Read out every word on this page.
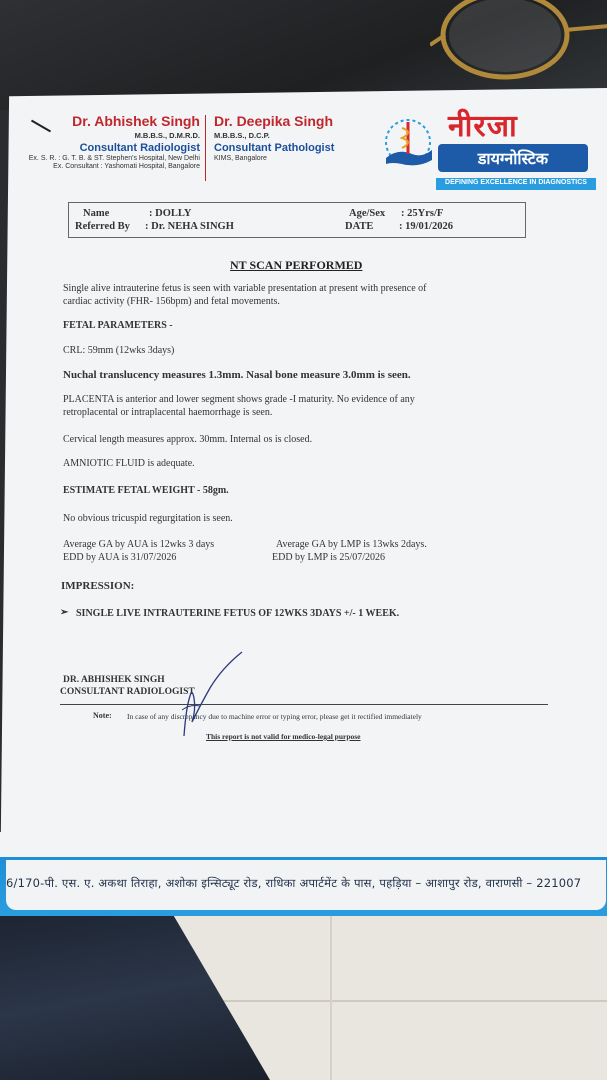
6/170-पी. एस. ए. अकथा तिराहा, अशोका इन्सिट्यूट रोड, राधिका अपार्टमेंट के पास, पहड़िया – आशापुर रोड, वाराणसी – 221007
Dr. Abhishek Singh
M.B.B.S., D.M.R.D.
Consultant Radiologist
Ex. S. R. : G. T. B. & ST. Stephen's Hospital, New Delhi
Ex. Consultant : Yashomati Hospital, Bangalore
Dr. Deepika Singh
M.B.B.S., D.C.P.
Consultant Pathologist
KIMS, Bangalore
नीरजा
डायग्नोस्टिक
DEFINING EXCELLENCE IN DIAGNOSTICS
Name	: DOLLY
Referred By : Dr. NEHA SINGH
Age/Sex : 25Yrs/F
DATE : 19/01/2026
NT SCAN PERFORMED
Single alive intrauterine fetus is seen with variable presentation at present with presence of
cardiac activity (FHR- 156bpm) and fetal movements.
FETAL PARAMETERS -
CRL: 59mm (12wks 3days)
Nuchal translucency measures 1.3mm. Nasal bone measure 3.0mm is seen.
PLACENTA is anterior and lower segment shows grade -I maturity. No evidence of any
retroplacental or intraplacental haemorrhage is seen.
Cervical length measures approx. 30mm. Internal os is closed.
AMNIOTIC FLUID is adequate.
ESTIMATE FETAL WEIGHT - 58gm.
No obvious tricuspid regurgitation is seen.
Average GA by AUA is 12wks 3 days
EDD by AUA is 31/07/2026
Average GA by LMP is 13wks 2days.
EDD by LMP is 25/07/2026
IMPRESSION:
➢ SINGLE LIVE INTRAUTERINE FETUS OF 12WKS 3DAYS +/- 1 WEEK.
DR. ABHISHEK SINGH
CONSULTANT RADIOLOGIST
Note: In case of any discrepancy due to machine error or typing error, please get it rectified immediately
This report is not valid for medico-legal purpose
